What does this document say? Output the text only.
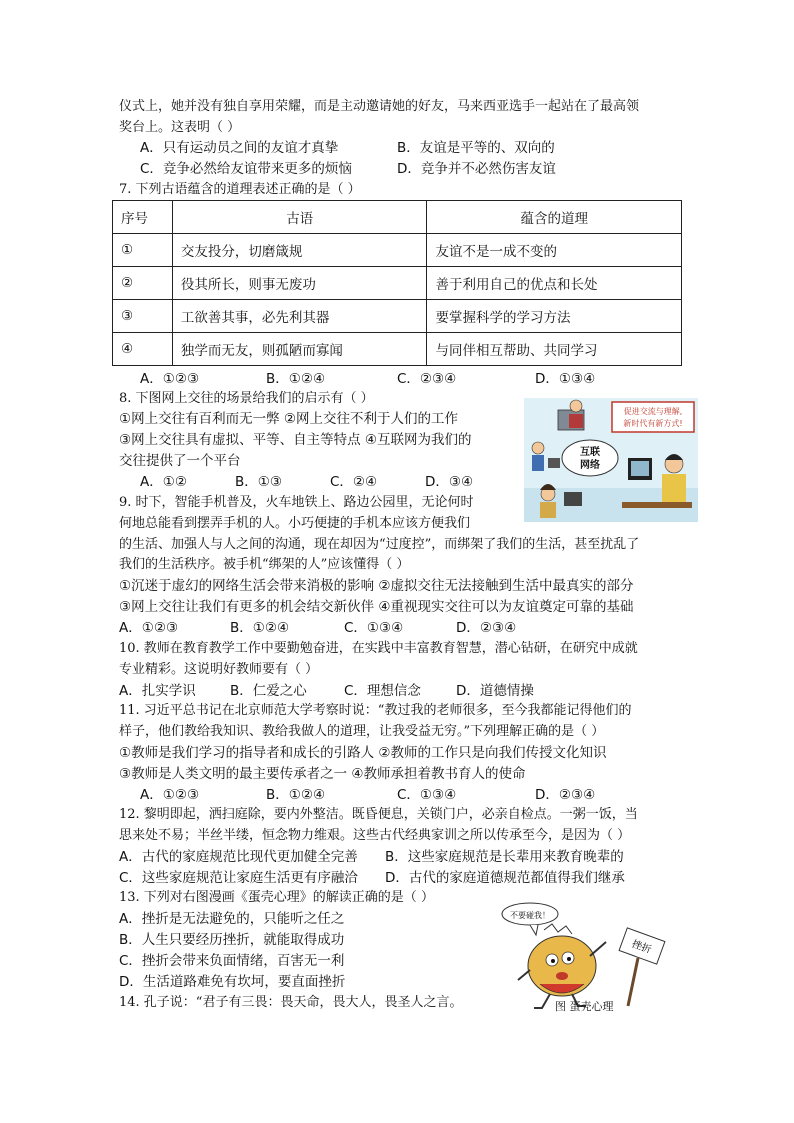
仪式上，她并没有独自享用荣耀，而是主动邀请她的好友，马来西亚选手一起站在了最高领
奖台上。这表明（ ）
A．只有运动员之间的友谊才真挚	B．友谊是平等的、双向的
C．竞争必然给友谊带来更多的烦恼	D．竞争并不必然伤害友谊
7. 下列古语蕴含的道理表述正确的是（ ）
序号	古语	蕴含的道理
①	交友投分，切磨箴规	友谊不是一成不变的
②	役其所长，则事无废功	善于利用自己的优点和长处
③	工欲善其事，必先利其器	要掌握科学的学习方法
④	独学而无友，则孤陋而寡闻	与同伴相互帮助、共同学习
A．①②③	B．①②④	C．②③④	D．①③④
8. 下图网上交往的场景给我们的启示有（ ）
①网上交往有百利而无一弊 ②网上交往不利于人们的工作
③网上交往具有虚拟、平等、自主等特点 ④互联网为我们的
交往提供了一个平台
A．①②	B．①③	C．②④	D．③④
促进交流与理解,
新时代有新方式!
互联
网络
9. 时下，智能手机普及，火车地铁上、路边公园里，无论何时
何地总能看到摆弄手机的人。小巧便捷的手机本应该方便我们
的生活、加强人与人之间的沟通，现在却因为“过度控”，而绑架了我们的生活，甚至扰乱了
我们的生活秩序。被手机“绑架的人”应该懂得（ ）
①沉迷于虚幻的网络生活会带来消极的影响 ②虚拟交往无法接触到生活中最真实的部分
③网上交往让我们有更多的机会结交新伙伴 ④重视现实交往可以为友谊奠定可靠的基础
A．①②③	B．①②④	C．①③④	D．②③④
10. 教师在教育教学工作中要勤勉奋进，在实践中丰富教育智慧，潜心钻研，在研究中成就
专业精彩。这说明好教师要有（ ）
A．扎实学识	B．仁爱之心	C．理想信念	D．道德情操
11. 习近平总书记在北京师范大学考察时说：“教过我的老师很多，至今我都能记得他们的
样子，他们教给我知识、教给我做人的道理，让我受益无穷。”下列理解正确的是（ ）
①教师是我们学习的指导者和成长的引路人 ②教师的工作只是向我们传授文化知识
③教师是人类文明的最主要传承者之一 ④教师承担着教书育人的使命
A．①②③	B．①②④	C．①③④	D．②③④
12. 黎明即起，洒扫庭除，要内外整洁。既昏便息，关锁门户，必亲自检点。一粥一饭，当
思来处不易；半丝半缕，恒念物力维艰。这些古代经典家训之所以传承至今，是因为（ ）
A．古代的家庭规范比现代更加健全完善 B．这些家庭规范是长辈用来教育晚辈的
C．这些家庭规范让家庭生活更有序融洽 D．古代的家庭道德规范都值得我们继承
13. 下列对右图漫画《蛋壳心理》的解读正确的是（ ）
A．挫折是无法避免的，只能听之任之
B．人生只要经历挫折，就能取得成功
C．挫折会带来负面情绪，百害无一利
D．生活道路难免有坎坷，要直面挫折
不要碰我！
挫折
图 蛋壳心理
14. 孔子说：“君子有三畏：畏天命，畏大人，畏圣人之言。
